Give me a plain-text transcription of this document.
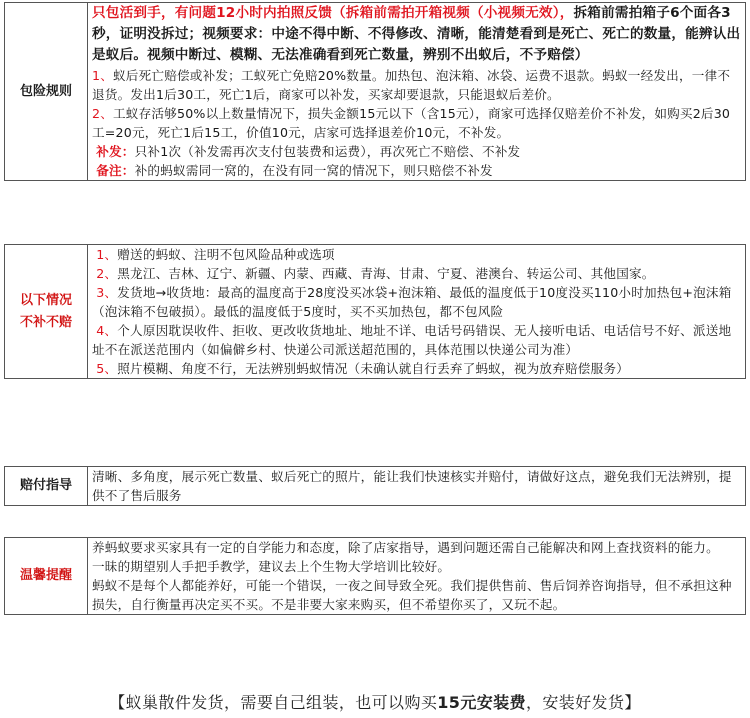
包险规则	

只包活到手，有问题12小时内拍照反馈（拆箱前需拍开箱视频（小视频无效），拆箱前需拍箱子6个面各3秒，证明没拆过；视频要求：中途不得中断、不得修改、清晰，能清楚看到是死亡、死亡的数量，能辨认出是蚁后。视频中断过、模糊、无法准确看到死亡数量，辨别不出蚁后，不予赔偿）

1、蚁后死亡赔偿或补发；工蚁死亡免赔20%数量。加热包、泡沫箱、冰袋、运费不退款。蚂蚁一经发出，一律不退货。发出1后30工，死亡1后，商家可以补发，买家却要退款，只能退蚁后差价。

2、工蚁存活够50%以上数量情况下，损失金额15元以下（含15元），商家可选择仅赔差价不补发，如购买2后30工=20元，死亡1后15工，价值10元，店家可选择退差价10元，不补发。

补发：只补1次（补发需再次支付包装费和运费），再次死亡不赔偿、不补发

备注：补的蚂蚁需同一窝的，在没有同一窝的情况下，则只赔偿不补发

以下情况
不补不赔

1、赠送的蚂蚁、注明不包风险品种或选项

2、黑龙江、吉林、辽宁、新疆、内蒙、西藏、青海、甘肃、宁夏、港澳台、转运公司、其他国家。

3、发货地→收货地：最高的温度高于28度没买冰袋+泡沫箱、最低的温度低于10度没买110小时加热包+泡沫箱（泡沫箱不包破损）。最低的温度低于5度时，买不买加热包，都不包风险

4、个人原因耽误收件、拒收、更改收货地址、地址不详、电话号码错误、无人接听电话、电话信号不好、派送地址不在派送范围内（如偏僻乡村、快递公司派送超范围的，具体范围以快递公司为准）

5、照片模糊、角度不行，无法辨别蚂蚁情况（未确认就自行丢弃了蚂蚁，视为放弃赔偿服务）

赔付指导	

清晰、多角度，展示死亡数量、蚁后死亡的照片，能让我们快速核实并赔付，请做好这点，避免我们无法辨别，提供不了售后服务

温馨提醒	

养蚂蚁要求买家具有一定的自学能力和态度，除了店家指导，遇到问题还需自己能解决和网上查找资料的能力。

一昧的期望别人手把手教学，建议去上个生物大学培训比较好。

蚂蚁不是每个人都能养好，可能一个错误，一夜之间导致全死。我们提供售前、售后饲养咨询指导，但不承担这种损失，自行衡量再决定买不买。不是非要大家来购买，但不希望你买了，又玩不起。

【蚁巢散件发货，需要自己组装，也可以购买15元安装费，安装好发货】
